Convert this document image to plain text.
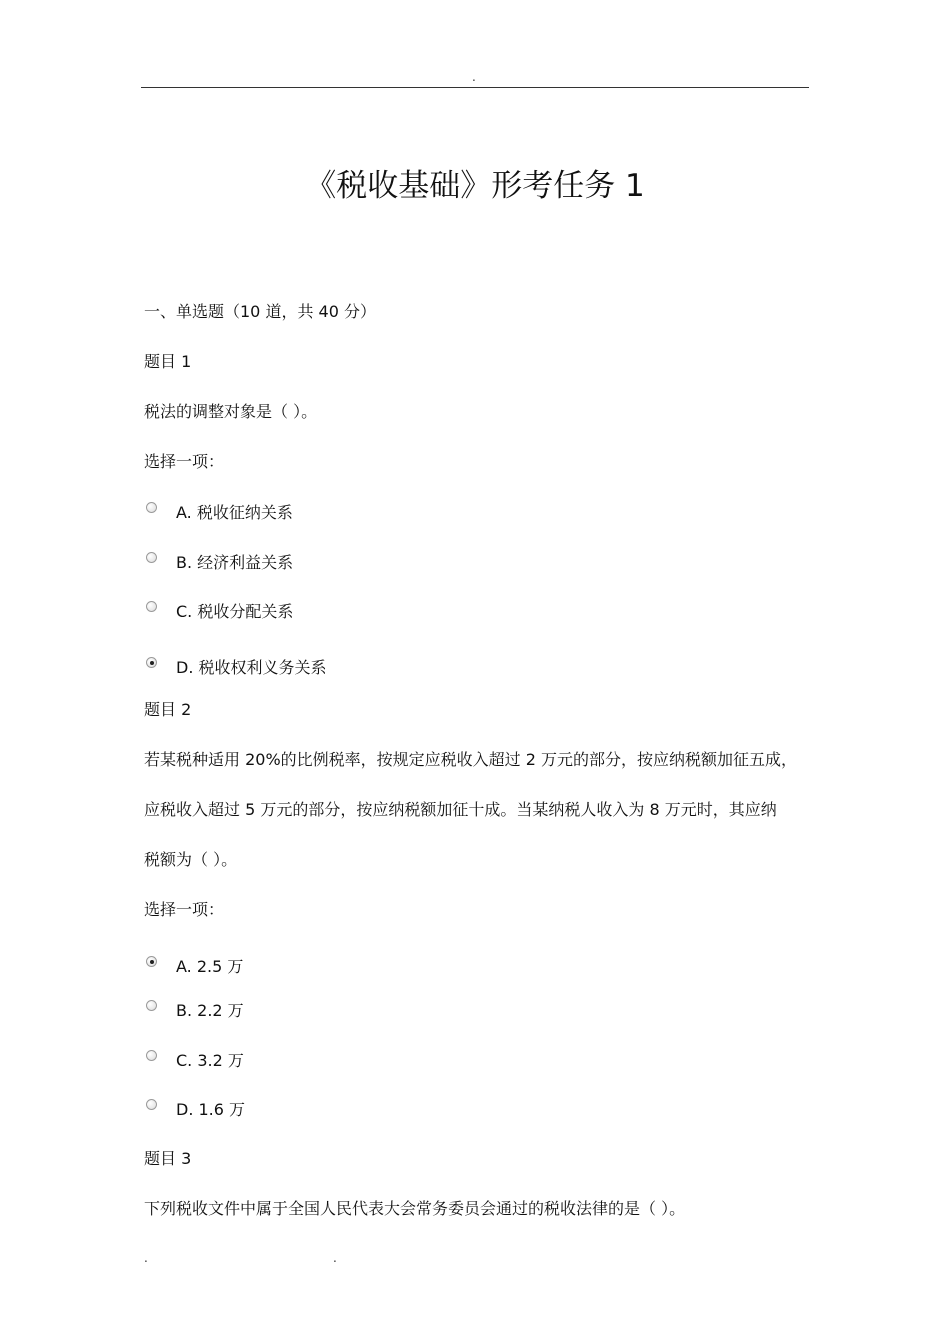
.
《税收基础》形考任务 1
一、单选题（10 道，共 40 分）
题目 1
税法的调整对象是（ ）。
选择一项：
A. 税收征纳关系
B. 经济利益关系
C. 税收分配关系
D. 税收权利义务关系
题目 2
若某税种适用 20%的比例税率，按规定应税收入超过 2 万元的部分，按应纳税额加征五成，
应税收入超过 5 万元的部分，按应纳税额加征十成。当某纳税人收入为 8 万元时，其应纳
税额为（ ）。
选择一项：
A. 2.5 万
B. 2.2 万
C. 3.2 万
D. 1.6 万
题目 3
下列税收文件中属于全国人民代表大会常务委员会通过的税收法律的是（ ）。
.	.
